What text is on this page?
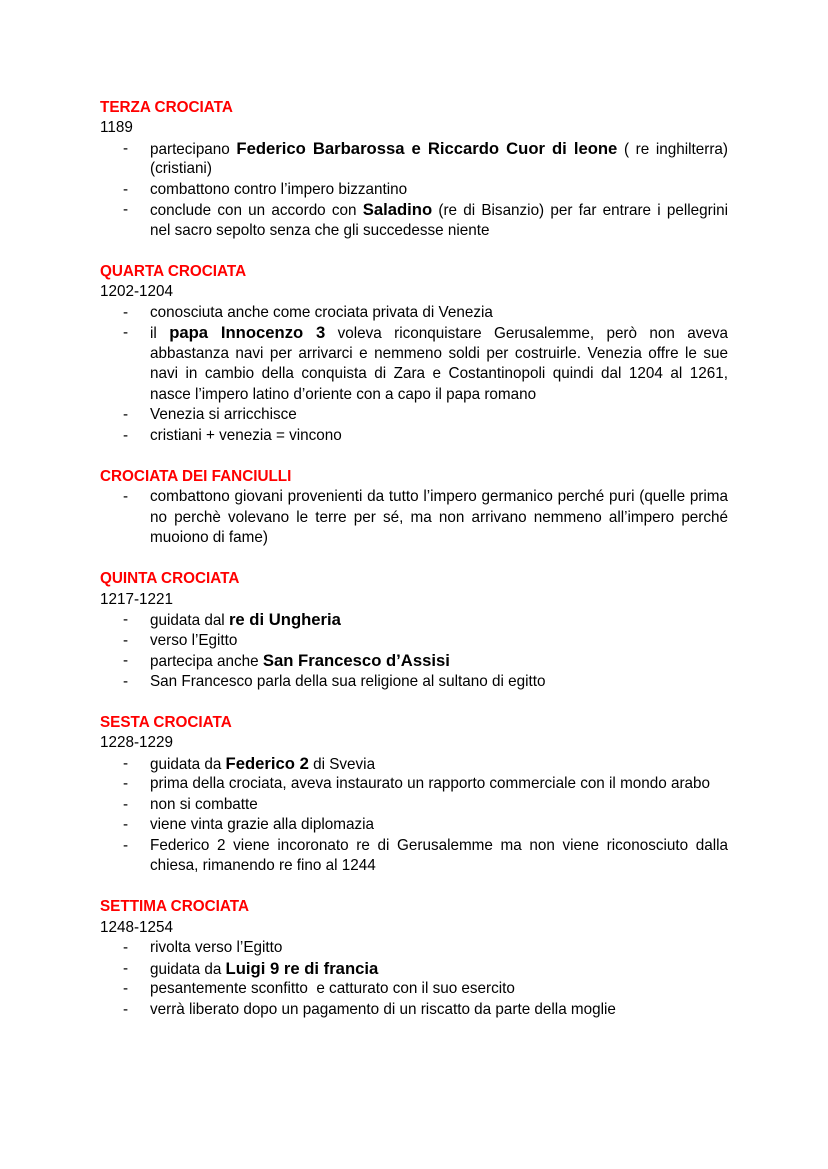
TERZA CROCIATA
1189
- partecipano Federico Barbarossa e Riccardo Cuor di leone ( re inghilterra)
(cristiani)
- combattono contro l’impero bizzantino
- conclude con un accordo con Saladino (re di Bisanzio) per far entrare i pellegrini
nel sacro sepolto senza che gli succedesse niente
QUARTA CROCIATA
1202-1204
- conosciuta anche come crociata privata di Venezia
- il papa Innocenzo 3 voleva riconquistare Gerusalemme, però non aveva
abbastanza navi per arrivarci e nemmeno soldi per costruirle. Venezia offre le sue
navi in cambio della conquista di Zara e Costantinopoli quindi dal 1204 al 1261,
nasce l’impero latino d’oriente con a capo il papa romano
- Venezia si arricchisce
- cristiani + venezia = vincono
CROCIATA DEI FANCIULLI
- combattono giovani provenienti da tutto l’impero germanico perché puri (quelle prima
no perchè volevano le terre per sé, ma non arrivano nemmeno all’impero perché
muoiono di fame)
QUINTA CROCIATA
1217-1221
- guidata dal re di Ungheria
- verso l’Egitto
- partecipa anche San Francesco d’Assisi
- San Francesco parla della sua religione al sultano di egitto
SESTA CROCIATA
1228-1229
- guidata da Federico 2 di Svevia
- prima della crociata, aveva instaurato un rapporto commerciale con il mondo arabo
- non si combatte
- viene vinta grazie alla diplomazia
- Federico 2 viene incoronato re di Gerusalemme ma non viene riconosciuto dalla
chiesa, rimanendo re fino al 1244
SETTIMA CROCIATA
1248-1254
- rivolta verso l’Egitto
- guidata da Luigi 9 re di francia
- pesantemente sconfitto  e catturato con il suo esercito
- verrà liberato dopo un pagamento di un riscatto da parte della moglie
